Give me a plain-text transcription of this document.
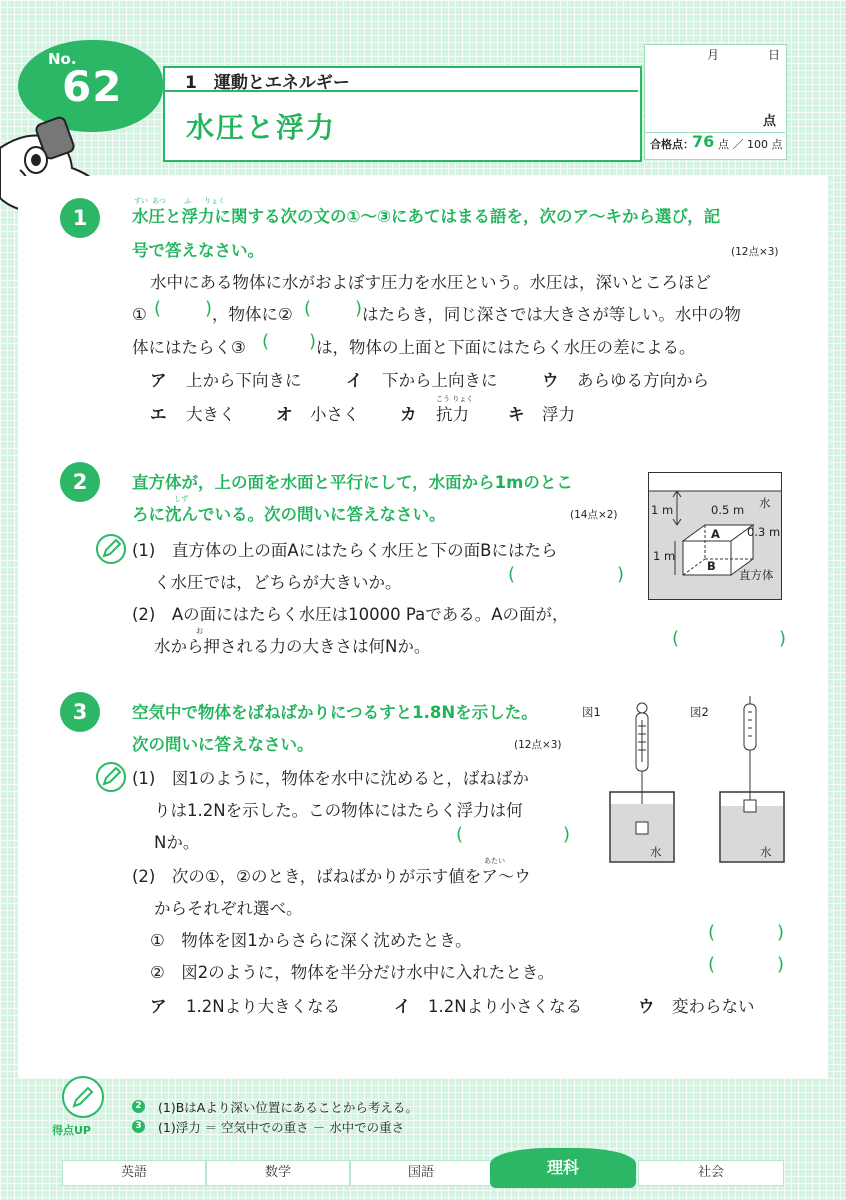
No.
62	1　運動とエネルギー
水圧と浮力
月	日
点
合格点：
76 点 ／ 100 点
1
すい あつ	ふ りょく
水圧と浮力に関する次の文の①～③にあてはまる語を，次のア～キから選び，記
号で答えなさい。	(12点×3)
水中にある物体に水がおよぼす圧力を水圧という。水圧は，深いところほど
① ( ) ，物体に② ( ) はたらき，同じ深さでは大きさが等しい。水中の物
体にはたらく③ ( ) は，物体の上面と下面にはたらく水圧の差による。
ア 上から下向きに	イ 下から上向きに	ウ あらゆる方向から
こう りょく
エ 大きく オ 小さく カ 抗力 キ 浮力
2	直方体が，上の面を水面と平行にして，水面から1mのとこ
しず
ろに沈んでいる。次の問いに答えなさい。	(14点×2)
(1)　直方体の上の面Aにはたらく水圧と下の面Bにはたら
く水圧では，どちらが大きいか。	(	)
(2)　Aの面にはたらく水圧は10000 Paである。Aの面が，
お
水から押される力の大きさは何Nか。	(	)
水
1 m	0.5 m
0.3 m
1 m
A
B
直方体
3	空気中で物体をばねばかりにつるすと1.8Nを示した。
次の問いに答えなさい。	(12点×3)
(1)　図1のように，物体を水中に沈めると，ばねばか
りは1.2Nを示した。この物体にはたらく浮力は何
Nか。	(	)
あたい
(2)　次の①，②のとき，ばねばかりが示す値をア～ウ
からそれぞれ選べ。
①　物体を図1からさらに深く沈めたとき。	(	)
②　図2のように，物体を半分だけ水中に入れたとき。	(	)
ア 1.2Nより大きくなる	イ 1.2Nより小さくなる	ウ 変わらない
図1	図2
水	水
得点UP
2 (1)BはAより深い位置にあることから考える。
3 (1)浮力 ＝ 空気中での重さ － 水中での重さ
英語	数学	国語	理科	社会
